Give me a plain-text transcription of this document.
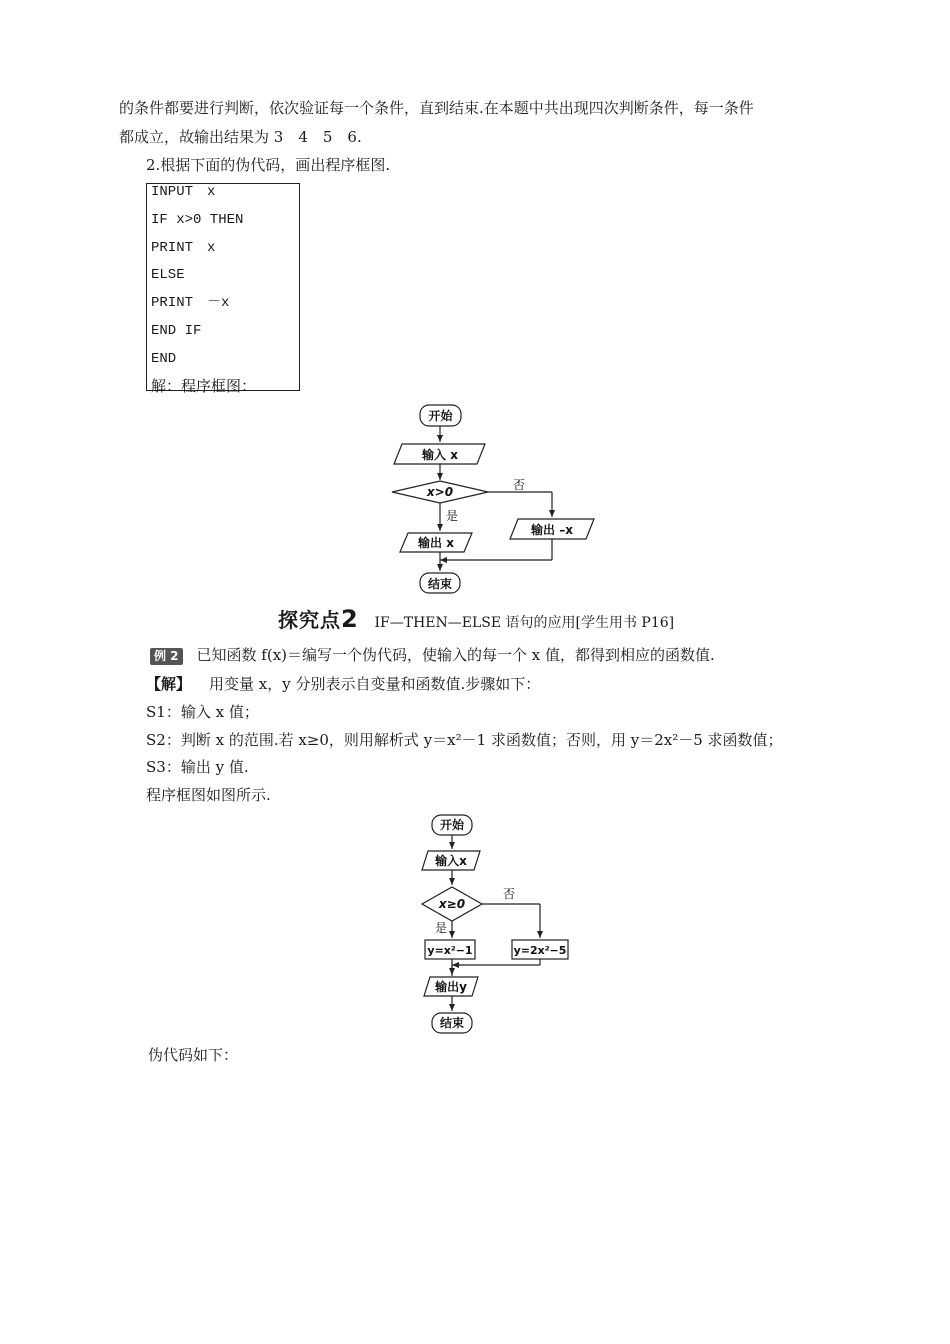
的条件都要进行判断，依次验证每一个条件，直到结束.在本题中共出现四次判断条件，每一条件
都成立，故输出结果为 3　4　5　6.
2.根据下面的伪代码，画出程序框图.
INPUT　x
IF x>0 THEN
PRINT　x
ELSE
PRINT　－x
END IF
END
解：程序框图：
开始
输入 x
x>0
输出 x
输出 –x
结束
否
是
探究点2 IF—THEN—ELSE 语句的应用[学生用书 P16]
例 2 已知函数 f(x)＝编写一个伪代码，使输入的每一个 x 值，都得到相应的函数值.
【解】 用变量 x，y 分别表示自变量和函数值.步骤如下：
S1：输入 x 值；
S2：判断 x 的范围.若 x≥0，则用解析式 y＝x²－1 求函数值；否则，用 y＝2x²－5 求函数值；
S3：输出 y 值.
程序框图如图所示.
开始
输入x
x≥0
y=x²−1	y=2x²−5
输出y
结束
否
是
伪代码如下：
